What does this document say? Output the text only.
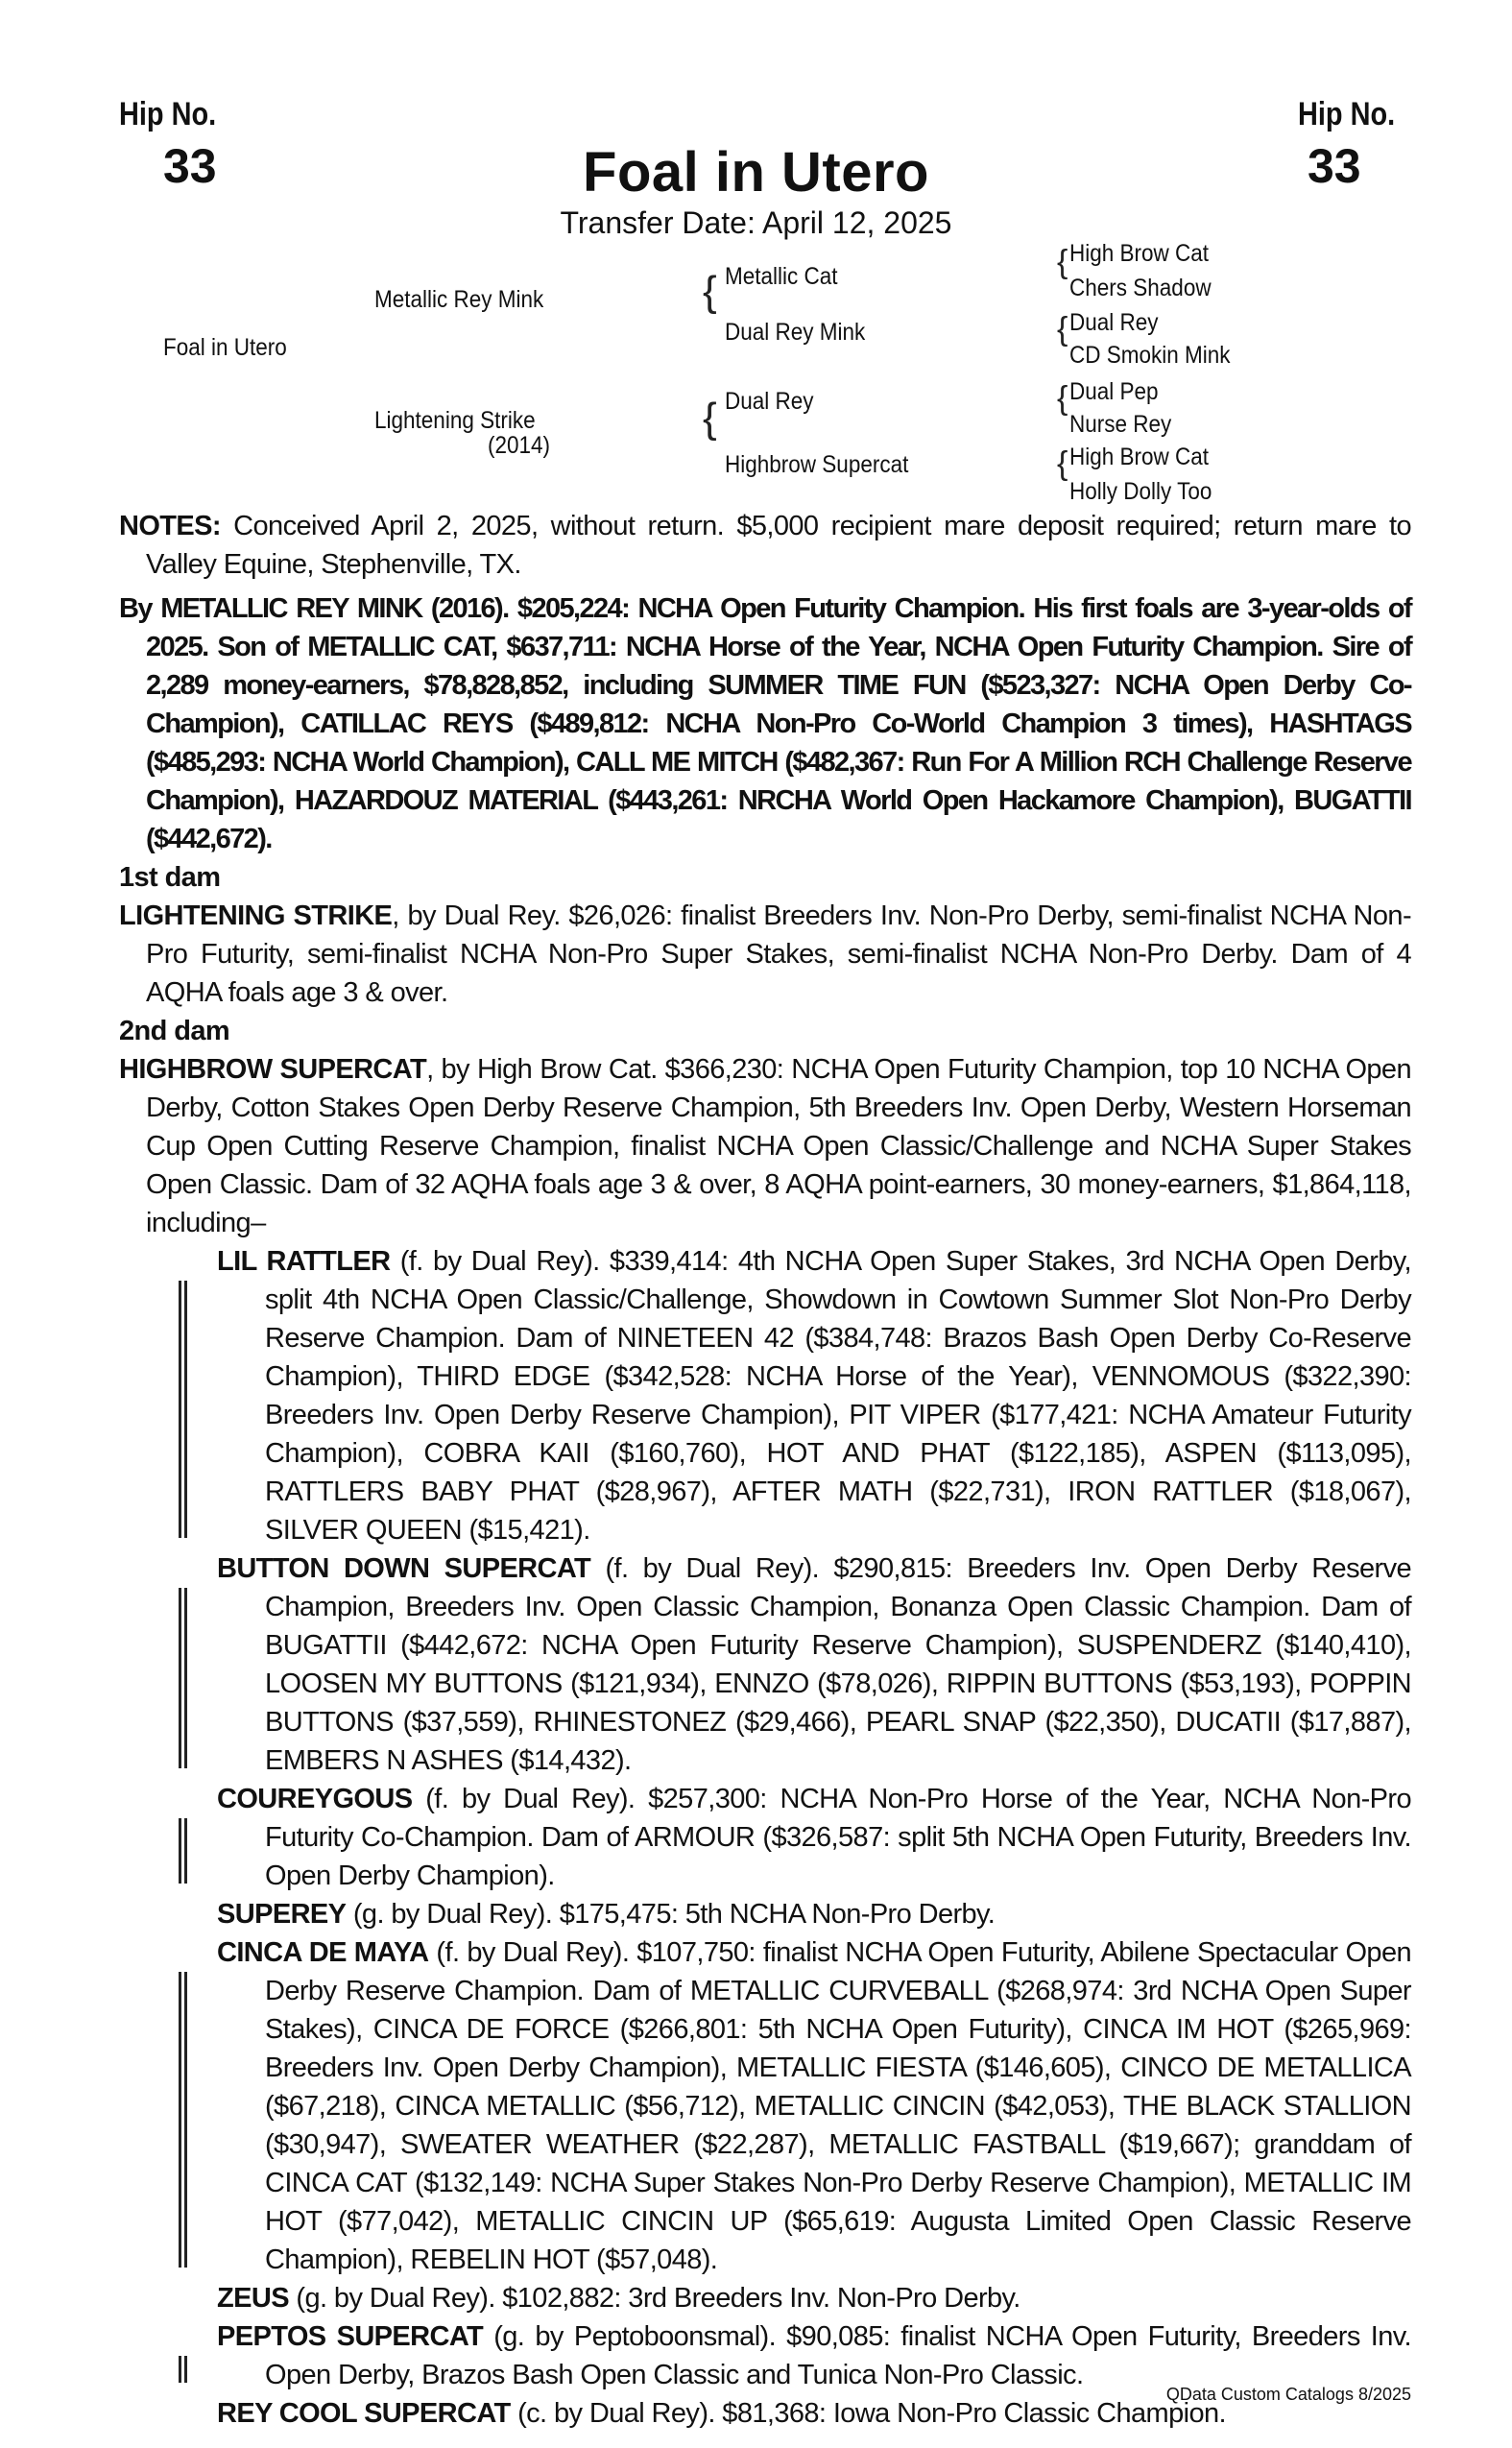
Hip No.
33
Hip No.
33
Foal in Utero
Transfer Date: April 12, 2025
Foal in Utero
Metallic Rey Mink
Lightening Strike
(2014)
{
{
Metallic Cat
Dual Rey Mink
Dual Rey
Highbrow Supercat
{
{
{
{
High Brow Cat
Chers Shadow
Dual Rey
CD Smokin Mink
Dual Pep
Nurse Rey
High Brow Cat
Holly Dolly Too

NOTES: Conceived April 2, 2025, without return. $5,000 recipient mare deposit required; return mare to Valley Equine, Stephenville, TX.

By METALLIC REY MINK (2016). $205,224: NCHA Open Futurity Champion. His first foals are 3-year-olds of 2025. Son of METALLIC CAT, $637,711: NCHA Horse of the Year, NCHA Open Futurity Champion. Sire of 2,289 money-earners, $78,828,852, including SUMMER TIME FUN ($523,327: NCHA Open Derby Co-Champion), CATILLAC REYS ($489,812: NCHA Non-Pro Co-World Champion 3 times), HASHTAGS ($485,293: NCHA World Champion), CALL ME MITCH ($482,367: Run For A Million RCH Challenge Reserve Champion), HAZARDOUZ MATERIAL ($443,261: NRCHA World Open Hackamore Champion), BUGATTII ($442,672).

1st dam

LIGHTENING STRIKE, by Dual Rey. $26,026: finalist Breeders Inv. Non-Pro Derby, semi-finalist NCHA Non-Pro Futurity, semi-finalist NCHA Non-Pro Super Stakes, semi-finalist NCHA Non-Pro Derby. Dam of 4 AQHA foals age 3 & over.

2nd dam

HIGHBROW SUPERCAT, by High Brow Cat. $366,230: NCHA Open Futurity Champion, top 10 NCHA Open Derby, Cotton Stakes Open Derby Reserve Champion, 5th Breeders Inv. Open Derby, Western Horseman Cup Open Cutting Reserve Champion, finalist NCHA Open Classic/Challenge and NCHA Super Stakes Open Classic. Dam of 32 AQHA foals age 3 & over, 8 AQHA point-earners, 30 money-earners, $1,864,118, including–

LIL RATTLER (f. by Dual Rey). $339,414: 4th NCHA Open Super Stakes, 3rd NCHA Open Derby, split 4th NCHA Open Classic/Challenge, Showdown in Cowtown Summer Slot Non-Pro Derby Reserve Champion. Dam of NINETEEN 42 ($384,748: Brazos Bash Open Derby Co-Reserve Champion), THIRD EDGE ($342,528: NCHA Horse of the Year), VENNOMOUS ($322,390: Breeders Inv. Open Derby Reserve Champion), PIT VIPER ($177,421: NCHA Amateur Futurity Champion), COBRA KAII ($160,760), HOT AND PHAT ($122,185), ASPEN ($113,095), RATTLERS BABY PHAT ($28,967), AFTER MATH ($22,731), IRON RATTLER ($18,067), SILVER QUEEN ($15,421).

BUTTON DOWN SUPERCAT (f. by Dual Rey). $290,815: Breeders Inv. Open Derby Reserve Champion, Breeders Inv. Open Classic Champion, Bonanza Open Classic Champion. Dam of BUGATTII ($442,672: NCHA Open Futurity Reserve Champion), SUSPENDERZ ($140,410), LOOSEN MY BUTTONS ($121,934), ENNZO ($78,026), RIPPIN BUTTONS ($53,193), POPPIN BUTTONS ($37,559), RHINESTONEZ ($29,466), PEARL SNAP ($22,350), DUCATII ($17,887), EMBERS N ASHES ($14,432).

COUREYGOUS (f. by Dual Rey). $257,300: NCHA Non-Pro Horse of the Year, NCHA Non-Pro Futurity Co-Champion. Dam of ARMOUR ($326,587: split 5th NCHA Open Futurity, Breeders Inv. Open Derby Champion).

SUPEREY (g. by Dual Rey). $175,475: 5th NCHA Non-Pro Derby.

CINCA DE MAYA (f. by Dual Rey). $107,750: finalist NCHA Open Futurity, Abilene Spectacular Open Derby Reserve Champion. Dam of METALLIC CURVEBALL ($268,974: 3rd NCHA Open Super Stakes), CINCA DE FORCE ($266,801: 5th NCHA Open Futurity), CINCA IM HOT ($265,969: Breeders Inv. Open Derby Champion), METALLIC FIESTA ($146,605), CINCO DE METALLICA ($67,218), CINCA METALLIC ($56,712), METALLIC CINCIN ($42,053), THE BLACK STALLION ($30,947), SWEATER WEATHER ($22,287), METALLIC FASTBALL ($19,667); granddam of CINCA CAT ($132,149: NCHA Super Stakes Non-Pro Derby Reserve Champion), METALLIC IM HOT ($77,042), METALLIC CINCIN UP ($65,619: Augusta Limited Open Classic Reserve Champion), REBELIN HOT ($57,048).

ZEUS (g. by Dual Rey). $102,882: 3rd Breeders Inv. Non-Pro Derby.

PEPTOS SUPERCAT (g. by Peptoboonsmal). $90,085: finalist NCHA Open Futurity, Breeders Inv. Open Derby, Brazos Bash Open Classic and Tunica Non-Pro Classic.

REY COOL SUPERCAT (c. by Dual Rey). $81,368: Iowa Non-Pro Classic Champion.

QData Custom Catalogs 8/2025
